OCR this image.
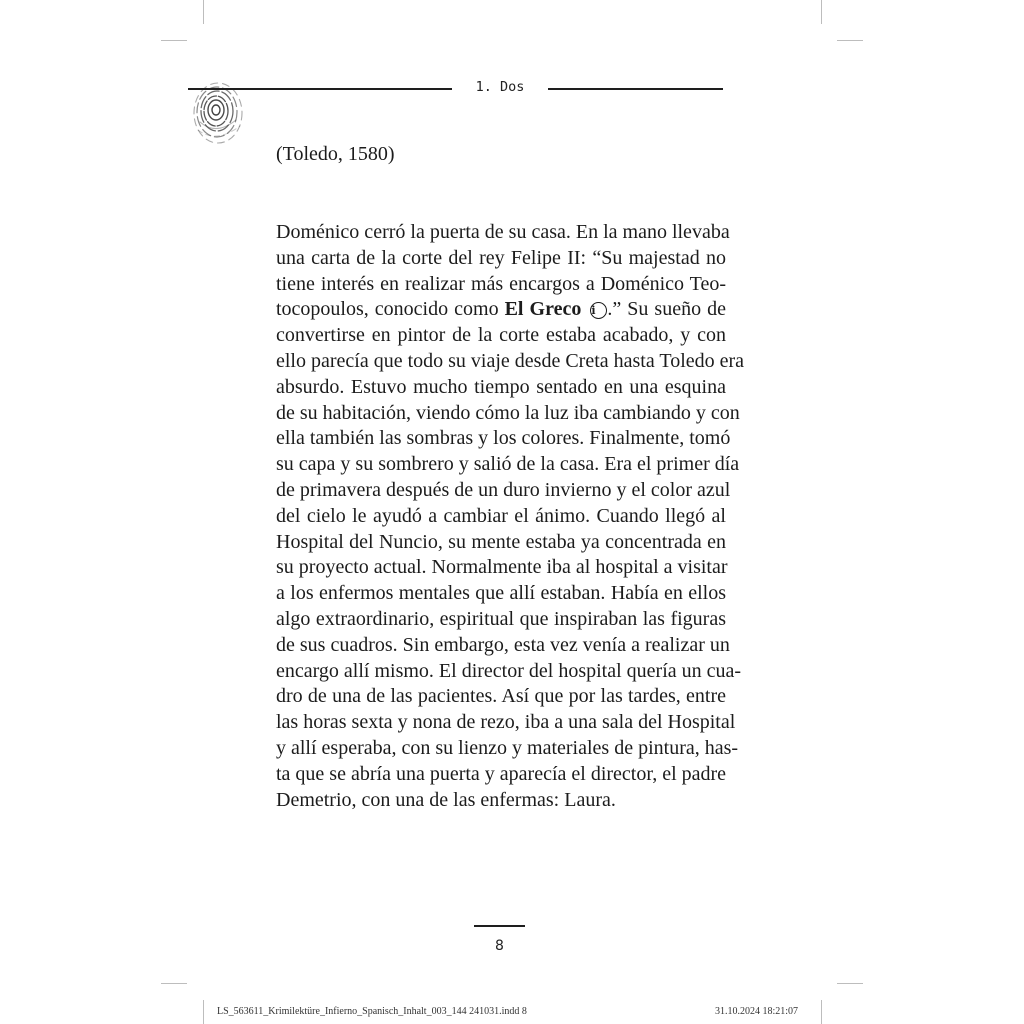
1. Dos
(Toledo, 1580)
Doménico cerró la puerta de su casa. En la mano llevaba
una carta de la corte del rey Felipe II: “Su majestad no
tiene interés en realizar más encargos a Doménico Teo-
tocopoulos, conocido como El Greco i .” Su sueño de
convertirse en pintor de la corte estaba acabado, y con
ello parecía que todo su viaje desde Creta hasta Toledo era
absurdo. Estuvo mucho tiempo sentado en una esquina
de su habitación, viendo cómo la luz iba cambiando y con
ella también las sombras y los colores. Finalmente, tomó
su capa y su sombrero y salió de la casa. Era el primer día
de primavera después de un duro invierno y el color azul
del cielo le ayudó a cambiar el ánimo. Cuando llegó al
Hospital del Nuncio, su mente estaba ya concentrada en
su proyecto actual. Normalmente iba al hospital a visitar
a los enfermos mentales que allí estaban. Había en ellos
algo extraordinario, espiritual que inspiraban las figuras
de sus cuadros. Sin embargo, esta vez venía a realizar un
encargo allí mismo. El director del hospital quería un cua-
dro de una de las pacientes. Así que por las tardes, entre
las horas sexta y nona de rezo, iba a una sala del Hospital
y allí esperaba, con su lienzo y materiales de pintura, has-
ta que se abría una puerta y aparecía el director, el padre
Demetrio, con una de las enfermas: Laura.
8
LS_563611_Krimilektüre_Infierno_Spanisch_Inhalt_003_144 241031.indd 8	31.10.2024 18:21:07
